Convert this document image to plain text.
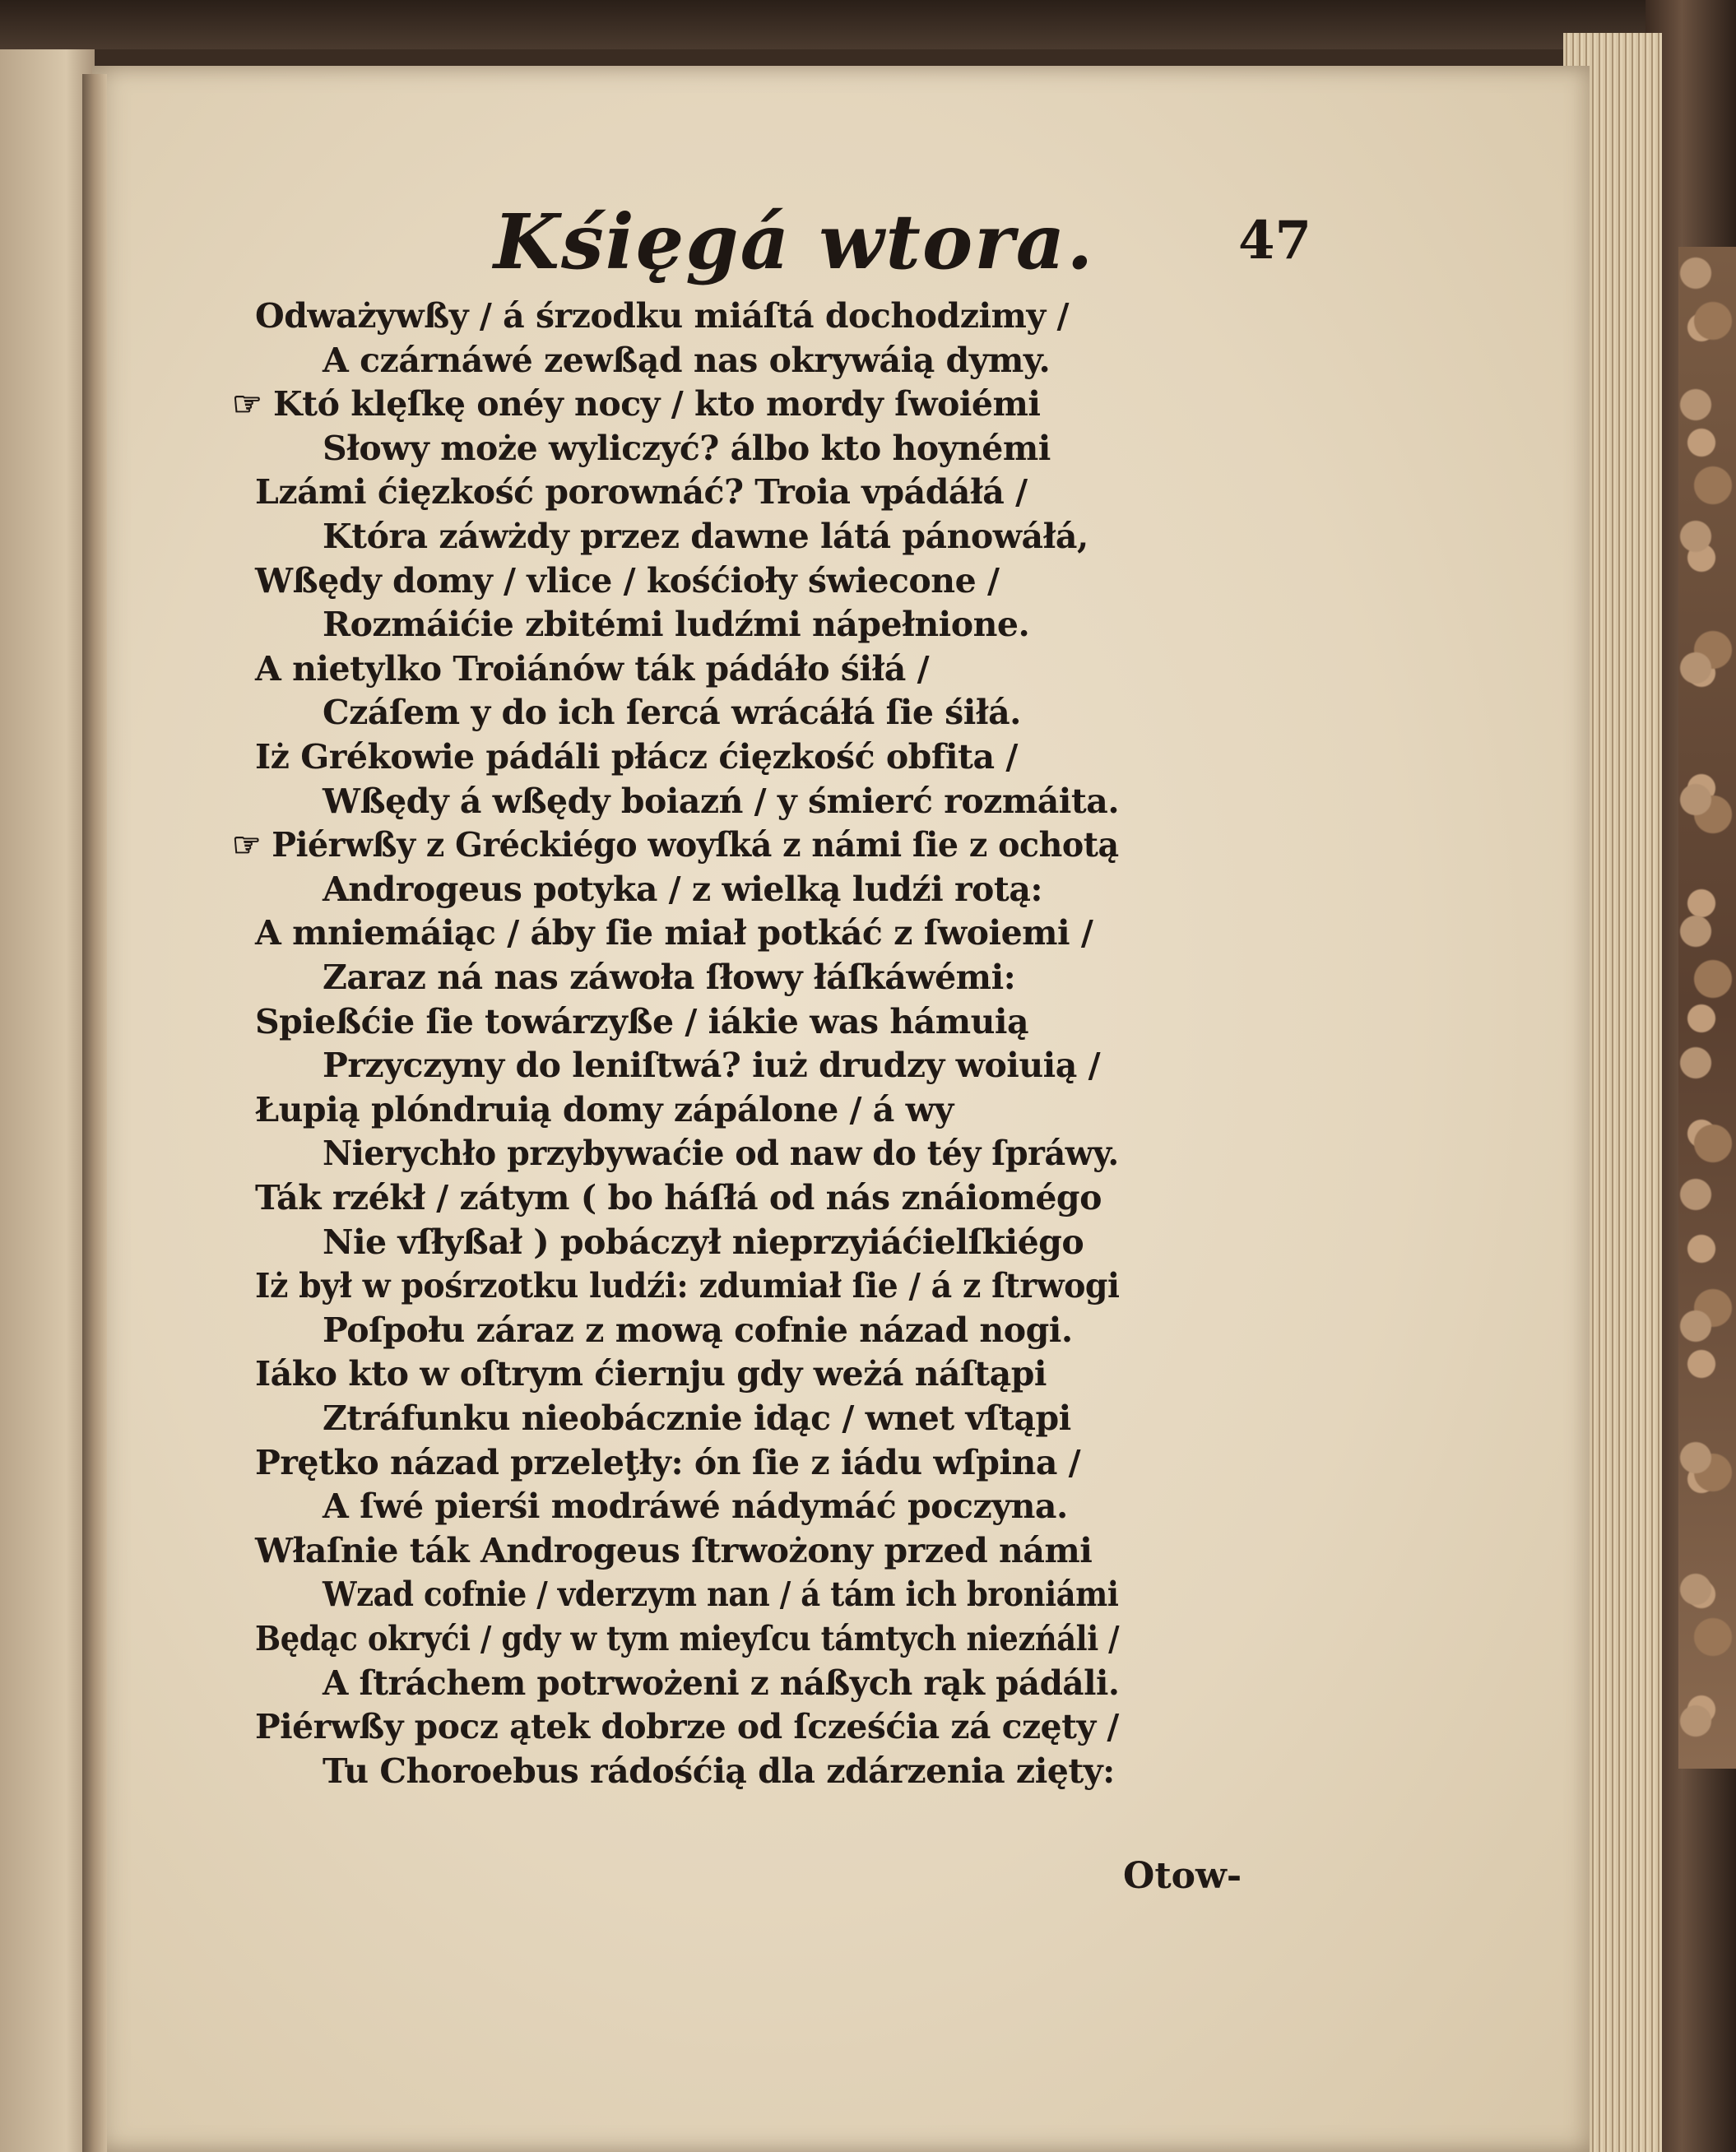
Kśięgá wtora.	47
Odważywßy / á śrzodku miáſtá dochodzimy /
A czárnáwé zewßąd nas okrywáią dymy.
☞ Któ klęſkę onéy nocy / kto mordy ſwoiémi
Słowy może wyliczyć? álbo kto hoynémi
Lzámi ćięzkość porownáć? Troia vpádáłá /
Która záwżdy przez dawne látá pánowáłá,
Wßędy domy / vlice / kośćioły świecone /
Rozmáićie zbitémi ludźmi nápełnione.
A nietylko Troiánów ták pádáło śiłá /
Czáſem y do ich ſercá wrácáłá ſie śiłá.
Iż Grékowie pádáli płácz ćięzkość obfita /
Wßędy á wßędy boiazń / y śmierć rozmáita.
☞ Piérwßy z Gréckiégo woyſká z námi ſie z ochotą
Androgeus potyka / z wielką ludźi rotą:
A mniemáiąc / áby ſie miał potkáć z ſwoiemi /
Zaraz ná nas záwoła ſłowy łáſkáwémi:
Spießćie ſie towárzyße / iákie was hámuią
Przyczyny do leniſtwá? iuż drudzy woiuią /
Łupią plóndruią domy zápálone / á wy
Nierychło przybywaćie od naw do téy ſpráwy.
Ták rzékł / zátym ( bo háſłá od nás znáiomégo
Nie vſłyßał ) pobáczył nieprzyiáćielſkiégo
Iż był w pośrzotku ludźi: zdumiał ſie / á z ſtrwogi
Poſpołu záraz z mową cofnie názad nogi.
Iáko kto w oſtrym ćiernju gdy weżá náſtąpi
Ztráfunku nieobácznie idąc / wnet vſtąpi
Prętko názad przeleţły: ón ſie z iádu wſpina /
A ſwé pierśi modráwé nádymáć poczyna.
Właſnie ták Androgeus ſtrwożony przed námi
Wzad cofnie / vderzym nan / á tám ich broniámi
Będąc okryći / gdy w tym mieyſcu támtych niezńáli /
A ſtráchem potrwożeni z náßych rąk pádáli.
Piérwßy pocz ątek dobrze od ſcześćia zá częty /
Tu Choroebus rádośćią dla zdárzenia zięty:
Otow-
